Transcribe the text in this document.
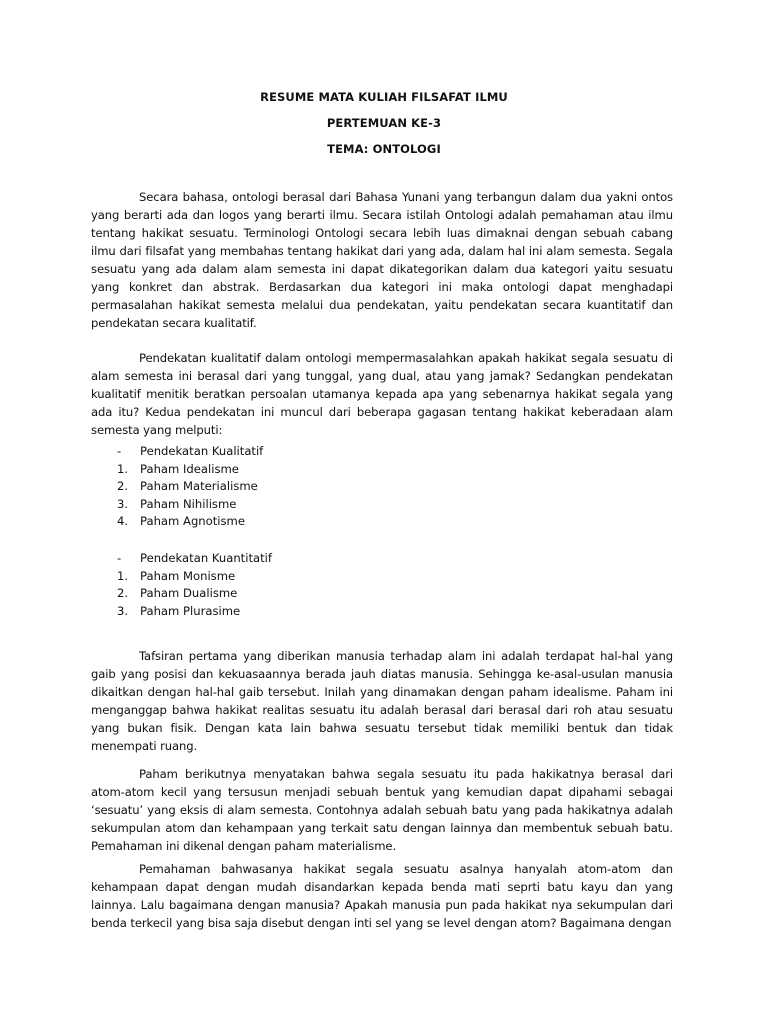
RESUME MATA KULIAH FILSAFAT ILMU
PERTEMUAN KE-3
TEMA: ONTOLOGI

Secara bahasa, ontologi berasal dari Bahasa Yunani yang terbangun dalam dua yakni ontos yang berarti ada dan logos yang berarti ilmu. Secara istilah Ontologi adalah pemahaman atau ilmu tentang hakikat sesuatu. Terminologi Ontologi secara lebih luas dimaknai dengan sebuah cabang ilmu dari filsafat yang membahas tentang hakikat dari yang ada, dalam hal ini alam semesta. Segala sesuatu yang ada dalam alam semesta ini dapat dikategorikan dalam dua kategori yaitu sesuatu yang konkret dan abstrak. Berdasarkan dua kategori ini maka ontologi dapat menghadapi permasalahan hakikat semesta melalui dua pendekatan, yaitu pendekatan secara kuantitatif dan pendekatan secara kualitatif.

Pendekatan kualitatif dalam ontologi mempermasalahkan apakah hakikat segala sesuatu di alam semesta ini berasal dari yang tunggal, yang dual, atau yang jamak? Sedangkan pendekatan kualitatif menitik beratkan persoalan utamanya kepada apa yang sebenarnya hakikat segala yang ada itu? Kedua pendekatan ini muncul dari beberapa gagasan tentang hakikat keberadaan alam semesta yang melputi:

-	Pendekatan Kualitatif
1.	Paham Idealisme
2.	Paham Materialisme
3.	Paham Nihilisme
4.	Paham Agnotisme
-	Pendekatan Kuantitatif
1.	Paham Monisme
2.	Paham Dualisme
3.	Paham Plurasime

Tafsiran pertama yang diberikan manusia terhadap alam ini adalah terdapat hal-hal yang gaib yang posisi dan kekuasaannya berada jauh diatas manusia. Sehingga ke-asal-usulan manusia dikaitkan dengan hal-hal gaib tersebut. Inilah yang dinamakan dengan paham idealisme. Paham ini menganggap bahwa hakikat realitas sesuatu itu adalah berasal dari berasal dari roh atau sesuatu yang bukan fisik. Dengan kata lain bahwa sesuatu tersebut tidak memiliki bentuk dan tidak menempati ruang.

Paham berikutnya menyatakan bahwa segala sesuatu itu pada hakikatnya berasal dari atom-atom kecil yang tersusun menjadi sebuah bentuk yang kemudian dapat dipahami sebagai ‘sesuatu’ yang eksis di alam semesta. Contohnya adalah sebuah batu yang pada hakikatnya adalah sekumpulan atom dan kehampaan yang terkait satu dengan lainnya dan membentuk sebuah batu. Pemahaman ini dikenal dengan paham materialisme.

Pemahaman bahwasanya hakikat segala sesuatu asalnya hanyalah atom-atom dan kehampaan dapat dengan mudah disandarkan kepada benda mati seprti batu kayu dan yang lainnya. Lalu bagaimana dengan manusia? Apakah manusia pun pada hakikat nya sekumpulan dari benda terkecil yang bisa saja disebut dengan inti sel yang se level dengan atom? Bagaimana dengan
